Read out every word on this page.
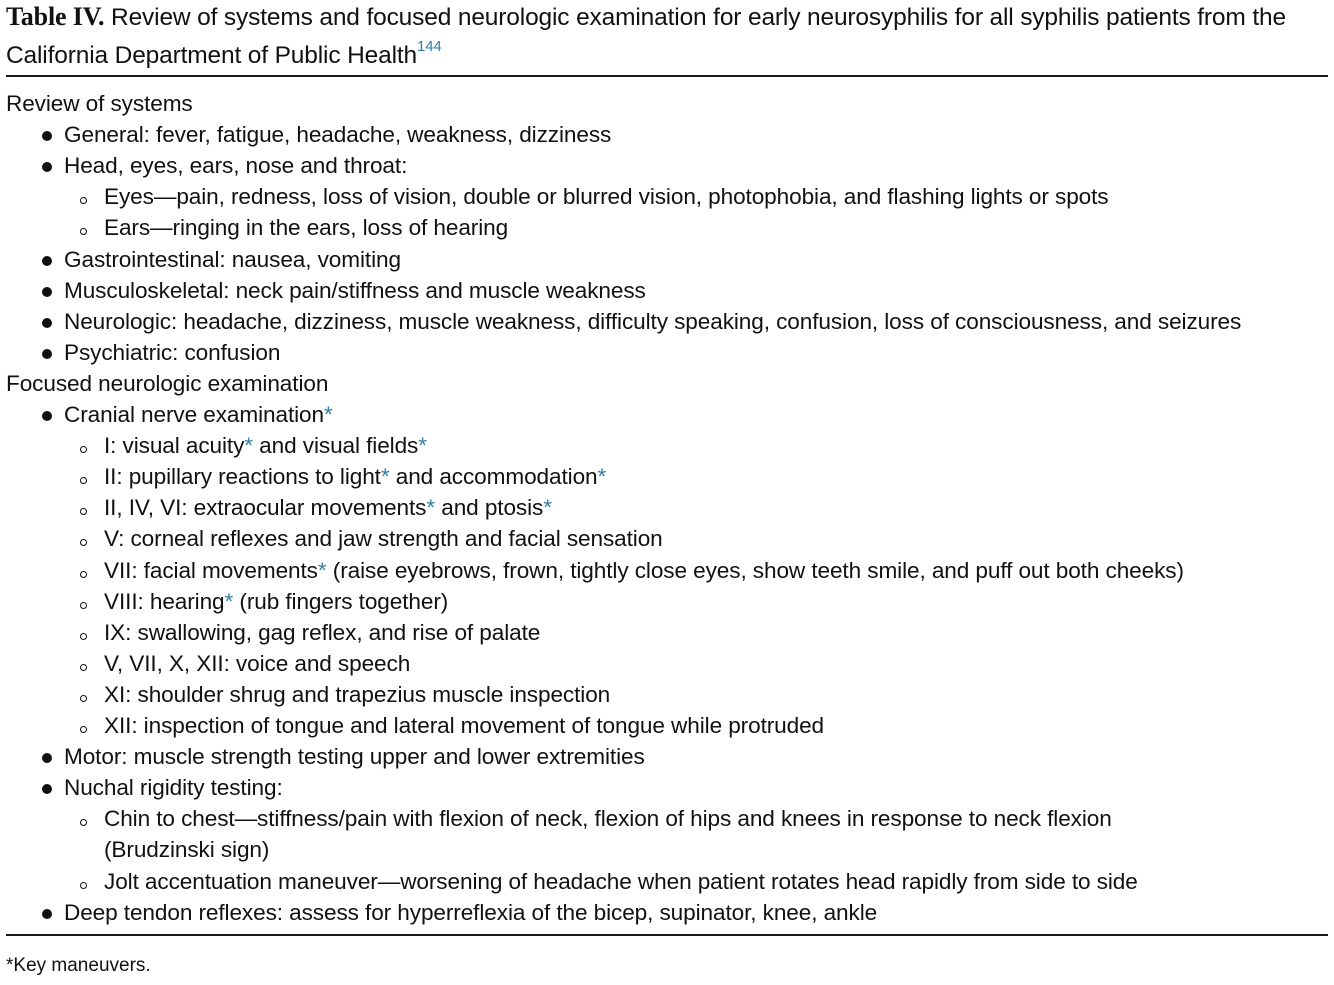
Table IV. Review of systems and focused neurologic examination for early neurosyphilis for all syphilis patients from the California Department of Public Health$^{144}$
Review of systems
General: fever, fatigue, headache, weakness, dizziness
Head, eyes, ears, nose and throat:
Eyes—pain, redness, loss of vision, double or blurred vision, photophobia, and flashing lights or spots
Ears—ringing in the ears, loss of hearing
Gastrointestinal: nausea, vomiting
Musculoskeletal: neck pain/stiffness and muscle weakness
Neurologic: headache, dizziness, muscle weakness, difficulty speaking, confusion, loss of consciousness, and seizures
Psychiatric: confusion
Focused neurologic examination
Cranial nerve examination*
I: visual acuity* and visual fields*
II: pupillary reactions to light* and accommodation*
II, IV, VI: extraocular movements* and ptosis*
V: corneal reflexes and jaw strength and facial sensation
VII: facial movements* (raise eyebrows, frown, tightly close eyes, show teeth smile, and puff out both cheeks)
VIII: hearing* (rub fingers together)
IX: swallowing, gag reflex, and rise of palate
V, VII, X, XII: voice and speech
XI: shoulder shrug and trapezius muscle inspection
XII: inspection of tongue and lateral movement of tongue while protruded
Motor: muscle strength testing upper and lower extremities
Nuchal rigidity testing:
Chin to chest—stiffness/pain with flexion of neck, flexion of hips and knees in response to neck flexion
(Brudzinski sign)
Jolt accentuation maneuver—worsening of headache when patient rotates head rapidly from side to side
Deep tendon reflexes: assess for hyperreflexia of the bicep, supinator, knee, ankle
*Key maneuvers.
